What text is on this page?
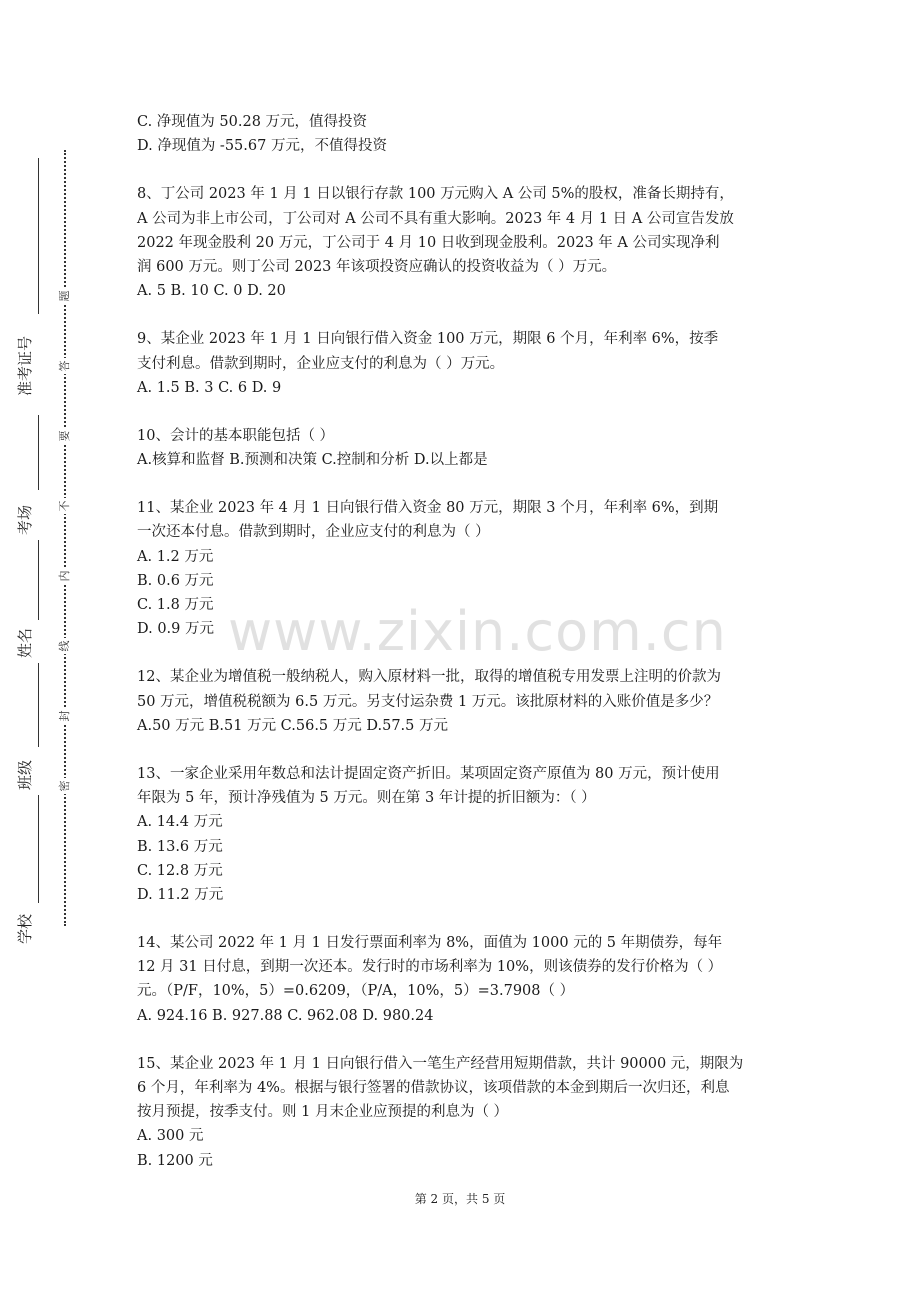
准考证号
考场
姓名
班级
学校
题
答
要
不
内
线
封
密
C. 净现值为 50.28 万元，值得投资
D. 净现值为 -55.67 万元，不值得投资
8、丁公司 2023 年 1 月 1 日以银行存款 100 万元购入 A 公司 5%的股权，准备长期持有，
A 公司为非上市公司，丁公司对 A 公司不具有重大影响。2023 年 4 月 1 日 A 公司宣告发放
2022 年现金股利 20 万元，丁公司于 4 月 10 日收到现金股利。2023 年 A 公司实现净利
润 600 万元。则丁公司 2023 年该项投资应确认的投资收益为（ ）万元。
A. 5 B. 10 C. 0 D. 20
9、某企业 2023 年 1 月 1 日向银行借入资金 100 万元，期限 6 个月，年利率 6%，按季
支付利息。借款到期时，企业应支付的利息为（ ）万元。
A. 1.5 B. 3 C. 6 D. 9
10、会计的基本职能包括（ ）
A.核算和监督 B.预测和决策 C.控制和分析 D.以上都是
11、某企业 2023 年 4 月 1 日向银行借入资金 80 万元，期限 3 个月，年利率 6%，到期
一次还本付息。借款到期时，企业应支付的利息为（ ）
A. 1.2 万元
B. 0.6 万元
C. 1.8 万元
D. 0.9 万元
12、某企业为增值税一般纳税人，购入原材料一批，取得的增值税专用发票上注明的价款为
50 万元，增值税税额为 6.5 万元。另支付运杂费 1 万元。该批原材料的入账价值是多少？
A.50 万元 B.51 万元 C.56.5 万元 D.57.5 万元
13、一家企业采用年数总和法计提固定资产折旧。某项固定资产原值为 80 万元，预计使用
年限为 5 年，预计净残值为 5 万元。则在第 3 年计提的折旧额为：（ ）
A. 14.4 万元
B. 13.6 万元
C. 12.8 万元
D. 11.2 万元
14、某公司 2022 年 1 月 1 日发行票面利率为 8%，面值为 1000 元的 5 年期债券，每年
12 月 31 日付息，到期一次还本。发行时的市场利率为 10%，则该债券的发行价格为（ ）
元。（P/F，10%，5）=0.6209，（P/A，10%，5）=3.7908（ ）
A. 924.16 B. 927.88 C. 962.08 D. 980.24
15、某企业 2023 年 1 月 1 日向银行借入一笔生产经营用短期借款，共计 90000 元，期限为
6 个月，年利率为 4%。根据与银行签署的借款协议，该项借款的本金到期后一次归还，利息
按月预提，按季支付。则 1 月末企业应预提的利息为（ ）
A. 300 元
B. 1200 元
www.zixin.com.cn
第 2 页，共 5 页
